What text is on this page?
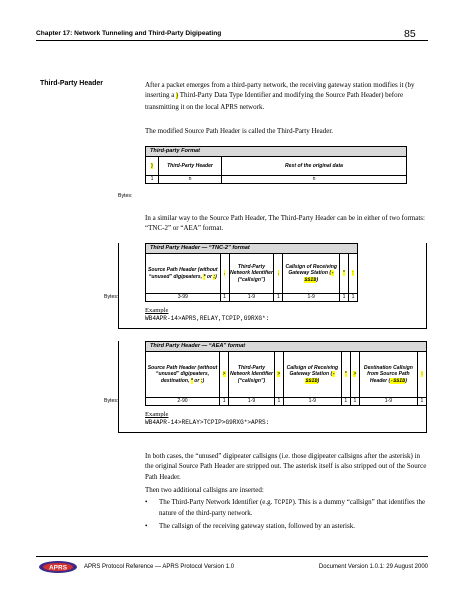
Chapter 17: Network Tunneling and Third-Party Digipeating	85
Third-Party Header	After a packet emerges from a third-party network, the receiving gateway station modifies it (by inserting a } Third-Party Data Type Identifier and modifying the Source Path Header) before transmitting it on the local APRS network.
The modified Source Path Header is called the Third-Party Header.
Third-party Format		
}	Third-Party Header	Rest of the original data
1	n	n
Bytes:
In a similar way to the Source Path Header, The Third-Party Header can be in either of two formats: “TNC-2” or “AEA” format.
Third Party Header — “TNC-2” format						
Source Path Header (without “unused” digipeaters, * or :)	,	Third-Party Network Identifier (“callsign”)	,	Callsign of Receiving Gateway Station (-SSID)	*	:
3-99	1	1-9	1	1-9	1	1
Bytes:
Example
WB4APR-14>APRS,RELAY,TCPIP,G9RXG*:
Third Party Header — “AEA” format								
Source Path Header (without “unused” digipeaters, destination, * or :)	>	Third-Party Network Identifier (“callsign”)	>	Callsign of Receiving Gateway Station (-SSID)	*	>	Destination Callsign from Source Path Header (-SSID)	:
2-90	1	1-9	1	1-9	1	1	1-9	1
Bytes:
Example
WB4APR-14>RELAY>TCPIP>G9RXG*>APRS:
In both cases, the “unused” digipeater callsigns (i.e. those digipeater callsigns after the asterisk) in the original Source Path Header are stripped out. The asterisk itself is also stripped out of the Source Path Header.
Then two additional callsigns are inserted:
• The Third-Party Network Identifier (e.g. TCPIP). This is a dummy “callsign” that identifies the nature of the third-party network.
• The callsign of the receiving gateway station, followed by an asterisk.
APRS	APRS Protocol Reference — APRS Protocol Version 1.0	Document Version 1.0.1: 29 August 2000
